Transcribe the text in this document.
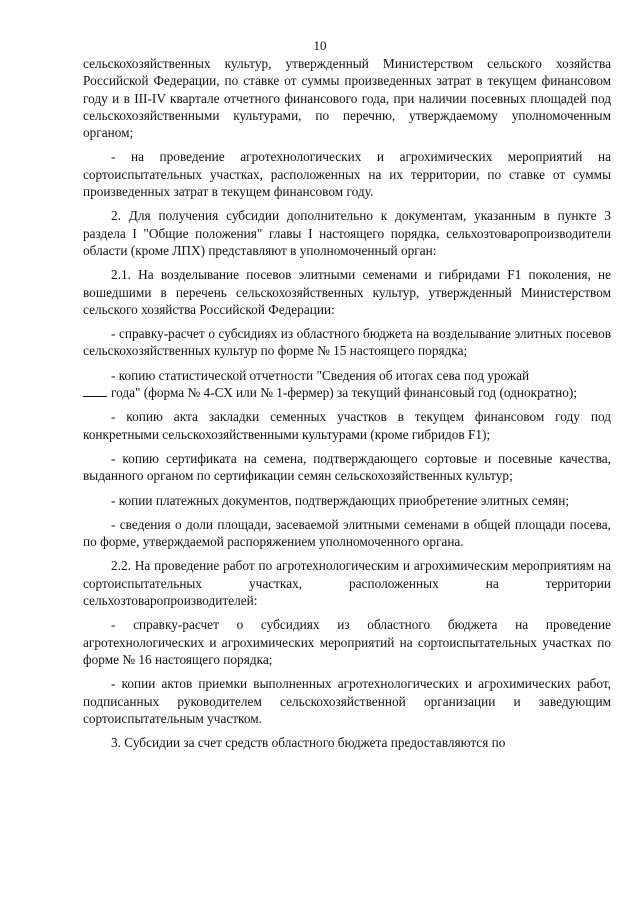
10

сельскохозяйственных культур, утвержденный Министерством сельского хозяйства Российской Федерации, по ставке от суммы произведенных затрат в текущем финансовом году и в III-IV квартале отчетного финансового года, при наличии посевных площадей под сельскохозяйственными культурами, по перечню, утверждаемому уполномоченным органом;

- на проведение агротехнологических и агрохимических мероприятий на сортоиспытательных участках, расположенных на их территории, по ставке от суммы произведенных затрат в текущем финансовом году.

2. Для получения субсидии дополнительно к документам, указанным в пункте 3 раздела I "Общие положения" главы I настоящего порядка, сельхозтоваропроизводители области (кроме ЛПХ) представляют в уполномоченный орган:

2.1. На возделывание посевов элитными семенами и гибридами F1 поколения, не вошедшими в перечень сельскохозяйственных культур, утвержденный Министерством сельского хозяйства Российской Федерации:

- справку-расчет о субсидиях из областного бюджета на возделывание элитных посевов сельскохозяйственных культур по форме № 15 настоящего порядка;

- копию статистической отчетности "Сведения об итогах сева под урожай
года" (форма № 4-СХ или № 1-фермер) за текущий финансовый год (однократно);

- копию акта закладки семенных участков в текущем финансовом году под конкретными сельскохозяйственными культурами (кроме гибридов F1);

- копию сертификата на семена, подтверждающего сортовые и посевные качества, выданного органом по сертификации семян сельскохозяйственных культур;

- копии платежных документов, подтверждающих приобретение элитных семян;

- сведения о доли площади, засеваемой элитными семенами в общей площади посева, по форме, утверждаемой распоряжением уполномоченного органа.

2.2. На проведение работ по агротехнологическим и агрохимическим мероприятиям на сортоиспытательных участках, расположенных на территории сельхозтоваропроизводителей:

- справку-расчет о субсидиях из областного бюджета на проведение агротехнологических и агрохимических мероприятий на сортоиспытательных участках по форме № 16 настоящего порядка;

- копии актов приемки выполненных агротехнологических и агрохимических работ, подписанных руководителем сельскохозяйственной организации и заведующим сортоиспытательным участком.

3. Субсидии за счет средств областного бюджета предоставляются по
